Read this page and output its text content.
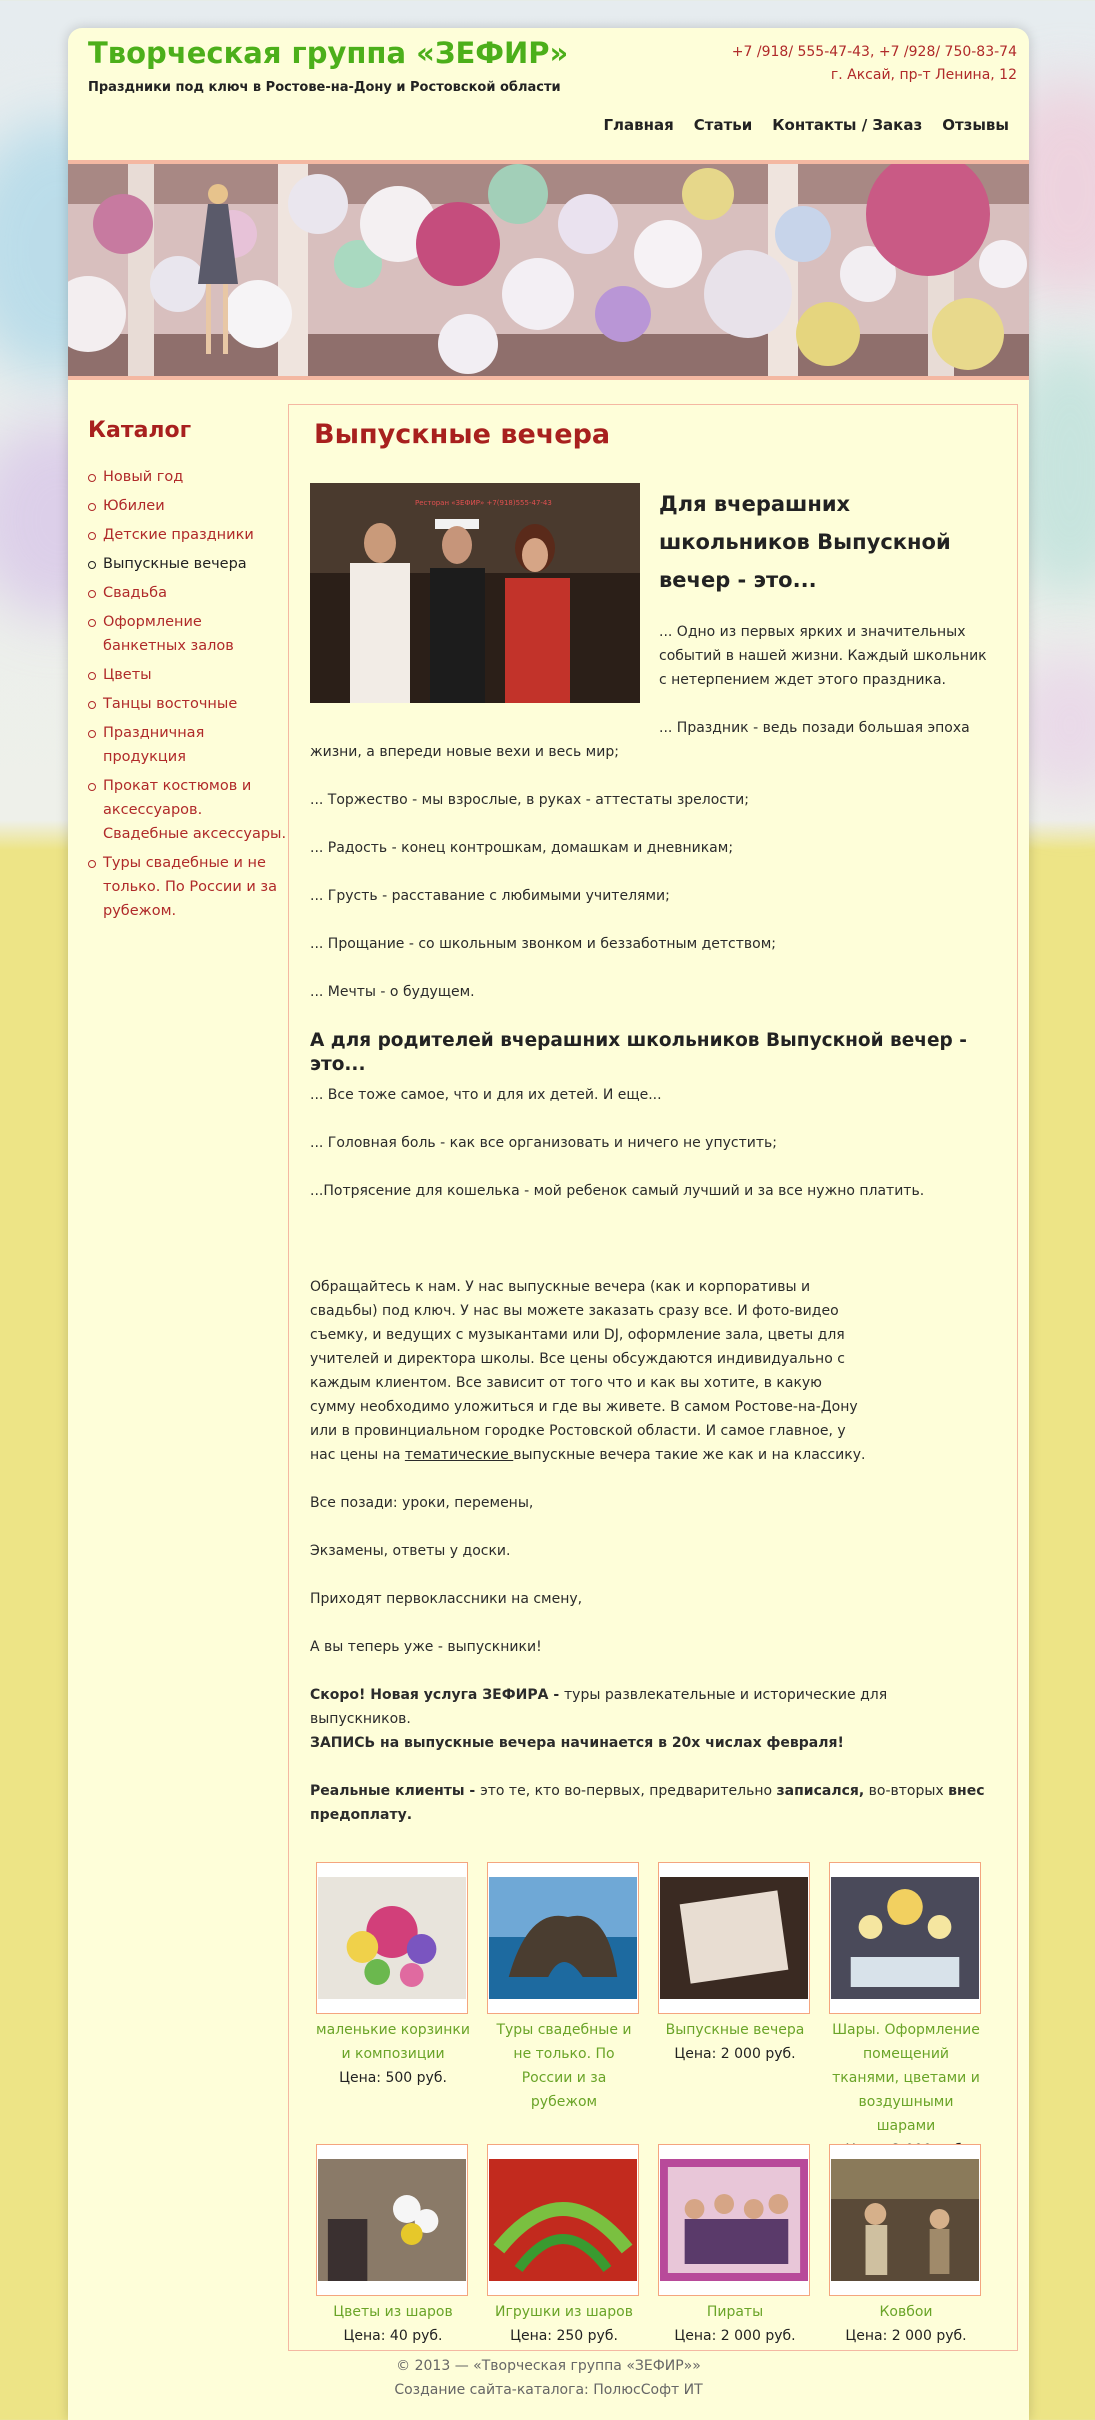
Творческая группа «ЗЕФИР»
Праздники под ключ в Ростове-на-Дону и Ростовской области
+7 /918/ 555-47-43, +7 /928/ 750-83-74
г. Аксай, пр-т Ленина, 12
Главная Статьи Контакты / Заказ Отзывы
Каталог
Новый год
Юбилеи
Детские праздники
Выпускные вечера
Свадьба
Оформление банкетных залов
Цветы
Танцы восточные
Праздничная продукция
Прокат костюмов и аксессуаров. Свадебные аксессуары.
Туры свадебные и не только. По России и за рубежом.
Выпускные вечера
Ресторан «ЗЕФИР» +7(918)555-47-43	Для вчерашних школьников Выпускной вечер - это...
... Одно из первых ярких и значительных событий в нашей жизни. Каждый школьник с нетерпением ждет этого праздника.
... Праздник - ведь позади большая эпоха жизни, а впереди новые вехи и весь мир;
... Торжество - мы взрослые, в руках - аттестаты зрелости;
... Радость - конец контрошкам, домашкам и дневникам;
... Грусть - расставание с любимыми учителями;
... Прощание - со школьным звонком и беззаботным детством;
... Мечты - о будущем.
А для родителей вчерашних школьников Выпускной вечер - это...
... Все тоже самое, что и для их детей. И еще...
... Головная боль - как все организовать и ничего не упустить;
...Потрясение для кошелька - мой ребенок самый лучший и за все нужно платить.
Обращайтесь к нам. У нас выпускные вечера (как и корпоративы и свадьбы) под ключ. У нас вы можете заказать сразу все. И фото-видео съемку, и ведущих с музыкантами или DJ, оформление зала, цветы для учителей и директора школы. Все цены обсуждаются индивидуально с каждым клиентом. Все зависит от того что и как вы хотите, в какую сумму необходимо уложиться и где вы живете. В самом Ростове-на-Дону или в провинциальном городке Ростовской области. И самое главное, у нас цены на тематические выпускные вечера такие же как и на классику.
Все позади: уроки, перемены,
Экзамены, ответы у доски.
Приходят первоклассники на смену,
А вы теперь уже - выпускники!
Скоро! Новая услуга ЗЕФИРА - туры развлекательные и исторические для выпускников.
ЗАПИСЬ на выпускные вечера начинается в 20х числах февраля!
Реальные клиенты - это те, кто во-первых, предварительно записался, во-вторых внес предоплату.
маленькие корзинки и композиции
Цена: 500 руб.
Туры свадебные и не только. По России и за рубежом
Выпускные вечера
Цена: 2 000 руб.
Шары. Оформление помещений тканями, цветами и воздушными шарами
Цветы из шаров
Цена: 40 руб.
Игрушки из шаров
Цена: 250 руб.
Пираты
Цена: 2 000 руб.
Ковбои
Цена: 2 000 руб.
© 2013 — «Творческая группа «ЗЕФИР»»
Создание сайта-каталога: ПолюсСофт ИТ
